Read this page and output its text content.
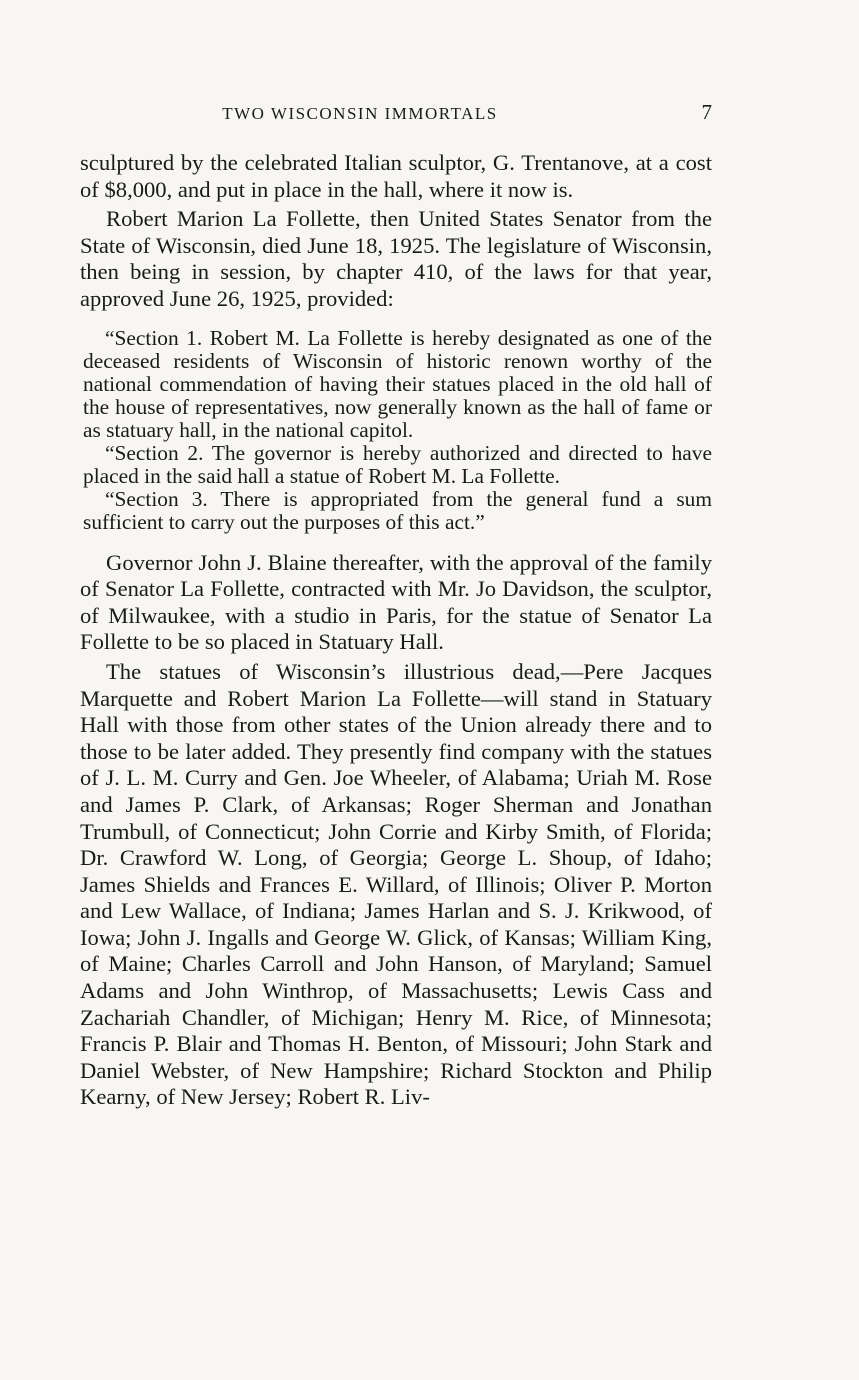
TWO WISCONSIN IMMORTALS	7

sculptured by the celebrated Italian sculptor, G. Trentanove, at a cost of $8,000, and put in place in the hall, where it now is.

Robert Marion La Follette, then United States Senator from the State of Wisconsin, died June 18, 1925. The legislature of Wisconsin, then being in session, by chapter 410, of the laws for that year, approved June 26, 1925, provided:

“Section 1. Robert M. La Follette is hereby designated as one of the deceased residents of Wisconsin of historic renown worthy of the national commendation of having their statues placed in the old hall of the house of representatives, now generally known as the hall of fame or as statuary hall, in the national capitol.

“Section 2. The governor is hereby authorized and directed to have placed in the said hall a statue of Robert M. La Follette.

“Section 3. There is appropriated from the general fund a sum sufficient to carry out the purposes of this act.”

Governor John J. Blaine thereafter, with the approval of the family of Senator La Follette, contracted with Mr. Jo Davidson, the sculptor, of Milwaukee, with a studio in Paris, for the statue of Senator La Follette to be so placed in Statuary Hall.

The statues of Wisconsin’s illustrious dead,—Pere Jacques Marquette and Robert Marion La Follette—will stand in Statuary Hall with those from other states of the Union already there and to those to be later added. They presently find company with the statues of J. L. M. Curry and Gen. Joe Wheeler, of Alabama; Uriah M. Rose and James P. Clark, of Arkansas; Roger Sherman and Jonathan Trumbull, of Connecticut; John Corrie and Kirby Smith, of Florida; Dr. Crawford W. Long, of Georgia; George L. Shoup, of Idaho; James Shields and Frances E. Willard, of Illinois; Oliver P. Morton and Lew Wallace, of Indiana; James Harlan and S. J. Krikwood, of Iowa; John J. Ingalls and George W. Glick, of Kansas; William King, of Maine; Charles Carroll and John Hanson, of Maryland; Samuel Adams and John Winthrop, of Massachusetts; Lewis Cass and Zachariah Chandler, of Michigan; Henry M. Rice, of Minnesota; Francis P. Blair and Thomas H. Benton, of Missouri; John Stark and Daniel Webster, of New Hampshire; Richard Stockton and Philip Kearny, of New Jersey; Robert R. Liv-
